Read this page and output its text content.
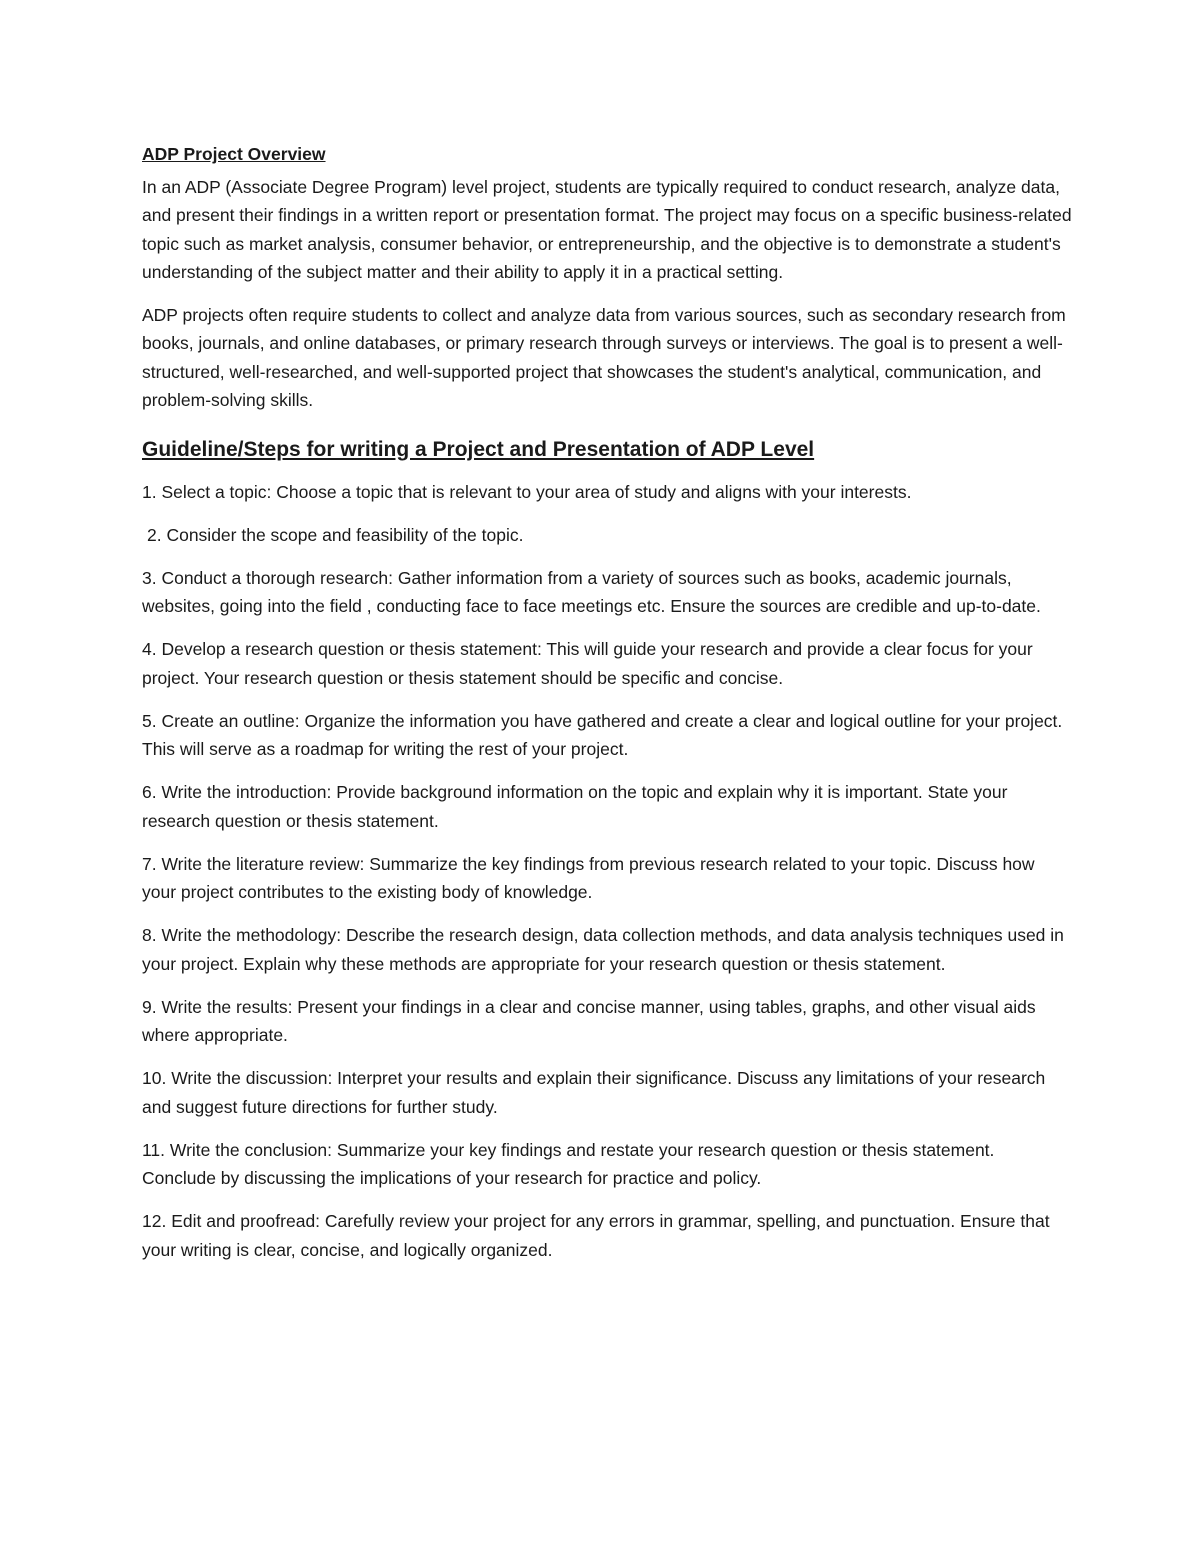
ADP Project Overview

In an ADP (Associate Degree Program) level project, students are typically required to conduct research, analyze data, and present their findings in a written report or presentation format. The project may focus on a specific business-related topic such as market analysis, consumer behavior, or entrepreneurship, and the objective is to demonstrate a student's understanding of the subject matter and their ability to apply it in a practical setting.

ADP projects often require students to collect and analyze data from various sources, such as secondary research from books, journals, and online databases, or primary research through surveys or interviews. The goal is to present a well-structured, well-researched, and well-supported project that showcases the student's analytical, communication, and problem-solving skills.

Guideline/Steps for writing a Project and Presentation of ADP Level

1. Select a topic: Choose a topic that is relevant to your area of study and aligns with your interests.

2. Consider the scope and feasibility of the topic.

3. Conduct a thorough research: Gather information from a variety of sources such as books, academic journals, websites, going into the field , conducting face to face meetings etc. Ensure the sources are credible and up-to-date.

4. Develop a research question or thesis statement: This will guide your research and provide a clear focus for your project. Your research question or thesis statement should be specific and concise.

5. Create an outline: Organize the information you have gathered and create a clear and logical outline for your project. This will serve as a roadmap for writing the rest of your project.

6. Write the introduction: Provide background information on the topic and explain why it is important. State your research question or thesis statement.

7. Write the literature review: Summarize the key findings from previous research related to your topic. Discuss how your project contributes to the existing body of knowledge.

8. Write the methodology: Describe the research design, data collection methods, and data analysis techniques used in your project. Explain why these methods are appropriate for your research question or thesis statement.

9. Write the results: Present your findings in a clear and concise manner, using tables, graphs, and other visual aids where appropriate.

10. Write the discussion: Interpret your results and explain their significance. Discuss any limitations of your research and suggest future directions for further study.

11. Write the conclusion: Summarize your key findings and restate your research question or thesis statement. Conclude by discussing the implications of your research for practice and policy.

12. Edit and proofread: Carefully review your project for any errors in grammar, spelling, and punctuation. Ensure that your writing is clear, concise, and logically organized.
